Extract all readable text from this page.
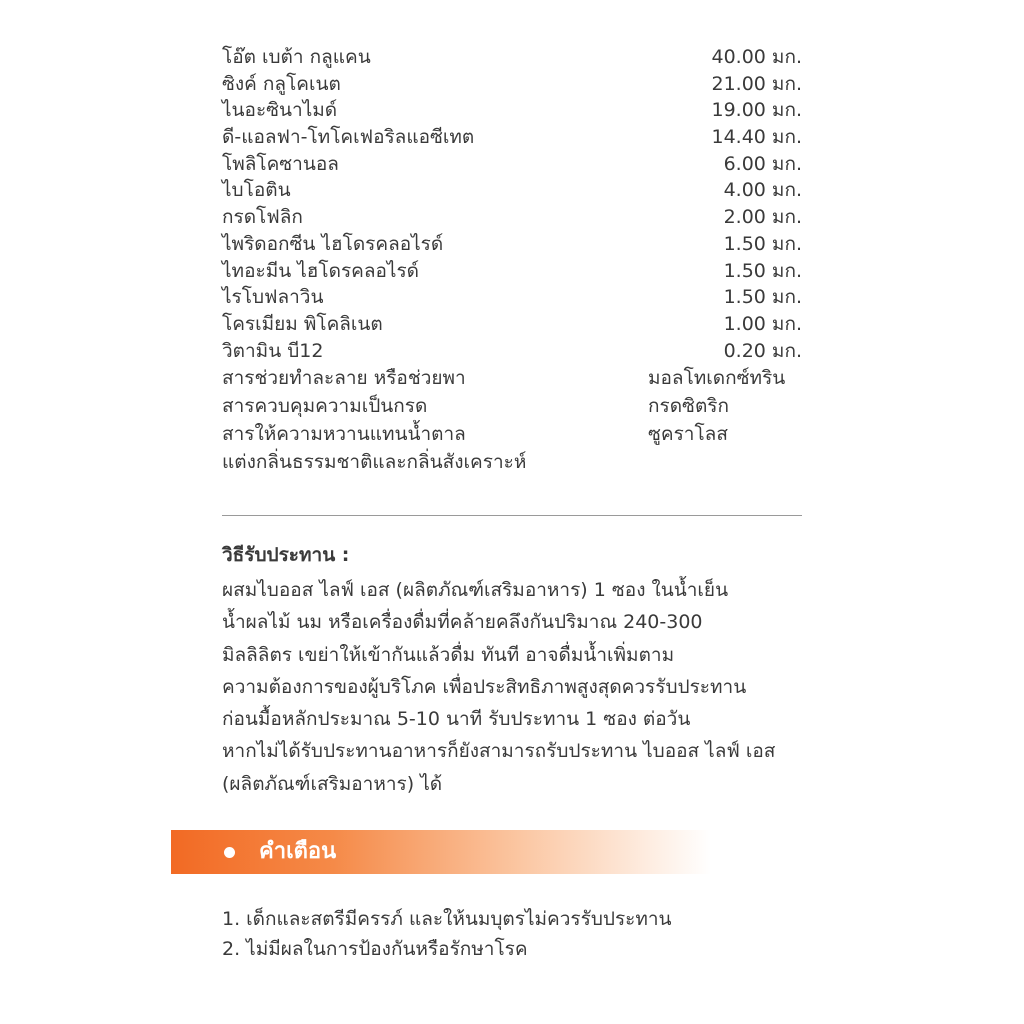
โอ๊ต เบต้า กลูแคน	40.00 มก.
ซิงค์ กลูโคเนต	21.00 มก.
ไนอะซินาไมด์	19.00 มก.
ดี-แอลฟา-โทโคเฟอริลแอซีเทต	14.40 มก.
โพลิโคซานอล	6.00 มก.
ไบโอติน	4.00 มก.
กรดโฟลิก	2.00 มก.
ไพริดอกซีน ไฮโดรคลอไรด์	1.50 มก.
ไทอะมีน ไฮโดรคลอไรด์	1.50 มก.
ไรโบฟลาวิน	1.50 มก.
โครเมียม พิโคลิเนต	1.00 มก.
วิตามิน บี12	0.20 มก.
สารช่วยทำละลาย หรือช่วยพา	มอลโทเดกซ์ทริน
สารควบคุมความเป็นกรด	กรดซิตริก
สารให้ความหวานแทนน้ำตาล	ซูคราโลส
แต่งกลิ่นธรรมชาติและกลิ่นสังเคราะห์
วิธีรับประทาน :
ผสมไบออส ไลฟ์ เอส (ผลิตภัณฑ์เสริมอาหาร) 1 ซอง ในน้ำเย็น
น้ำผลไม้ นม หรือเครื่องดื่มที่คล้ายคลึงกันปริมาณ 240-300
มิลลิลิตร เขย่าให้เข้ากันแล้วดื่ม ทันที อาจดื่มน้ำเพิ่มตาม
ความต้องการของผู้บริโภค เพื่อประสิทธิภาพสูงสุดควรรับประทาน
ก่อนมื้อหลักประมาณ 5-10 นาที รับประทาน 1 ซอง ต่อวัน
หากไม่ได้รับประทานอาหารก็ยังสามารถรับประทาน ไบออส ไลฟ์ เอส
(ผลิตภัณฑ์เสริมอาหาร) ได้
คำเตือน
1. เด็กและสตรีมีครรภ์ และให้นมบุตรไม่ควรรับประทาน
2. ไม่มีผลในการป้องกันหรือรักษาโรค
